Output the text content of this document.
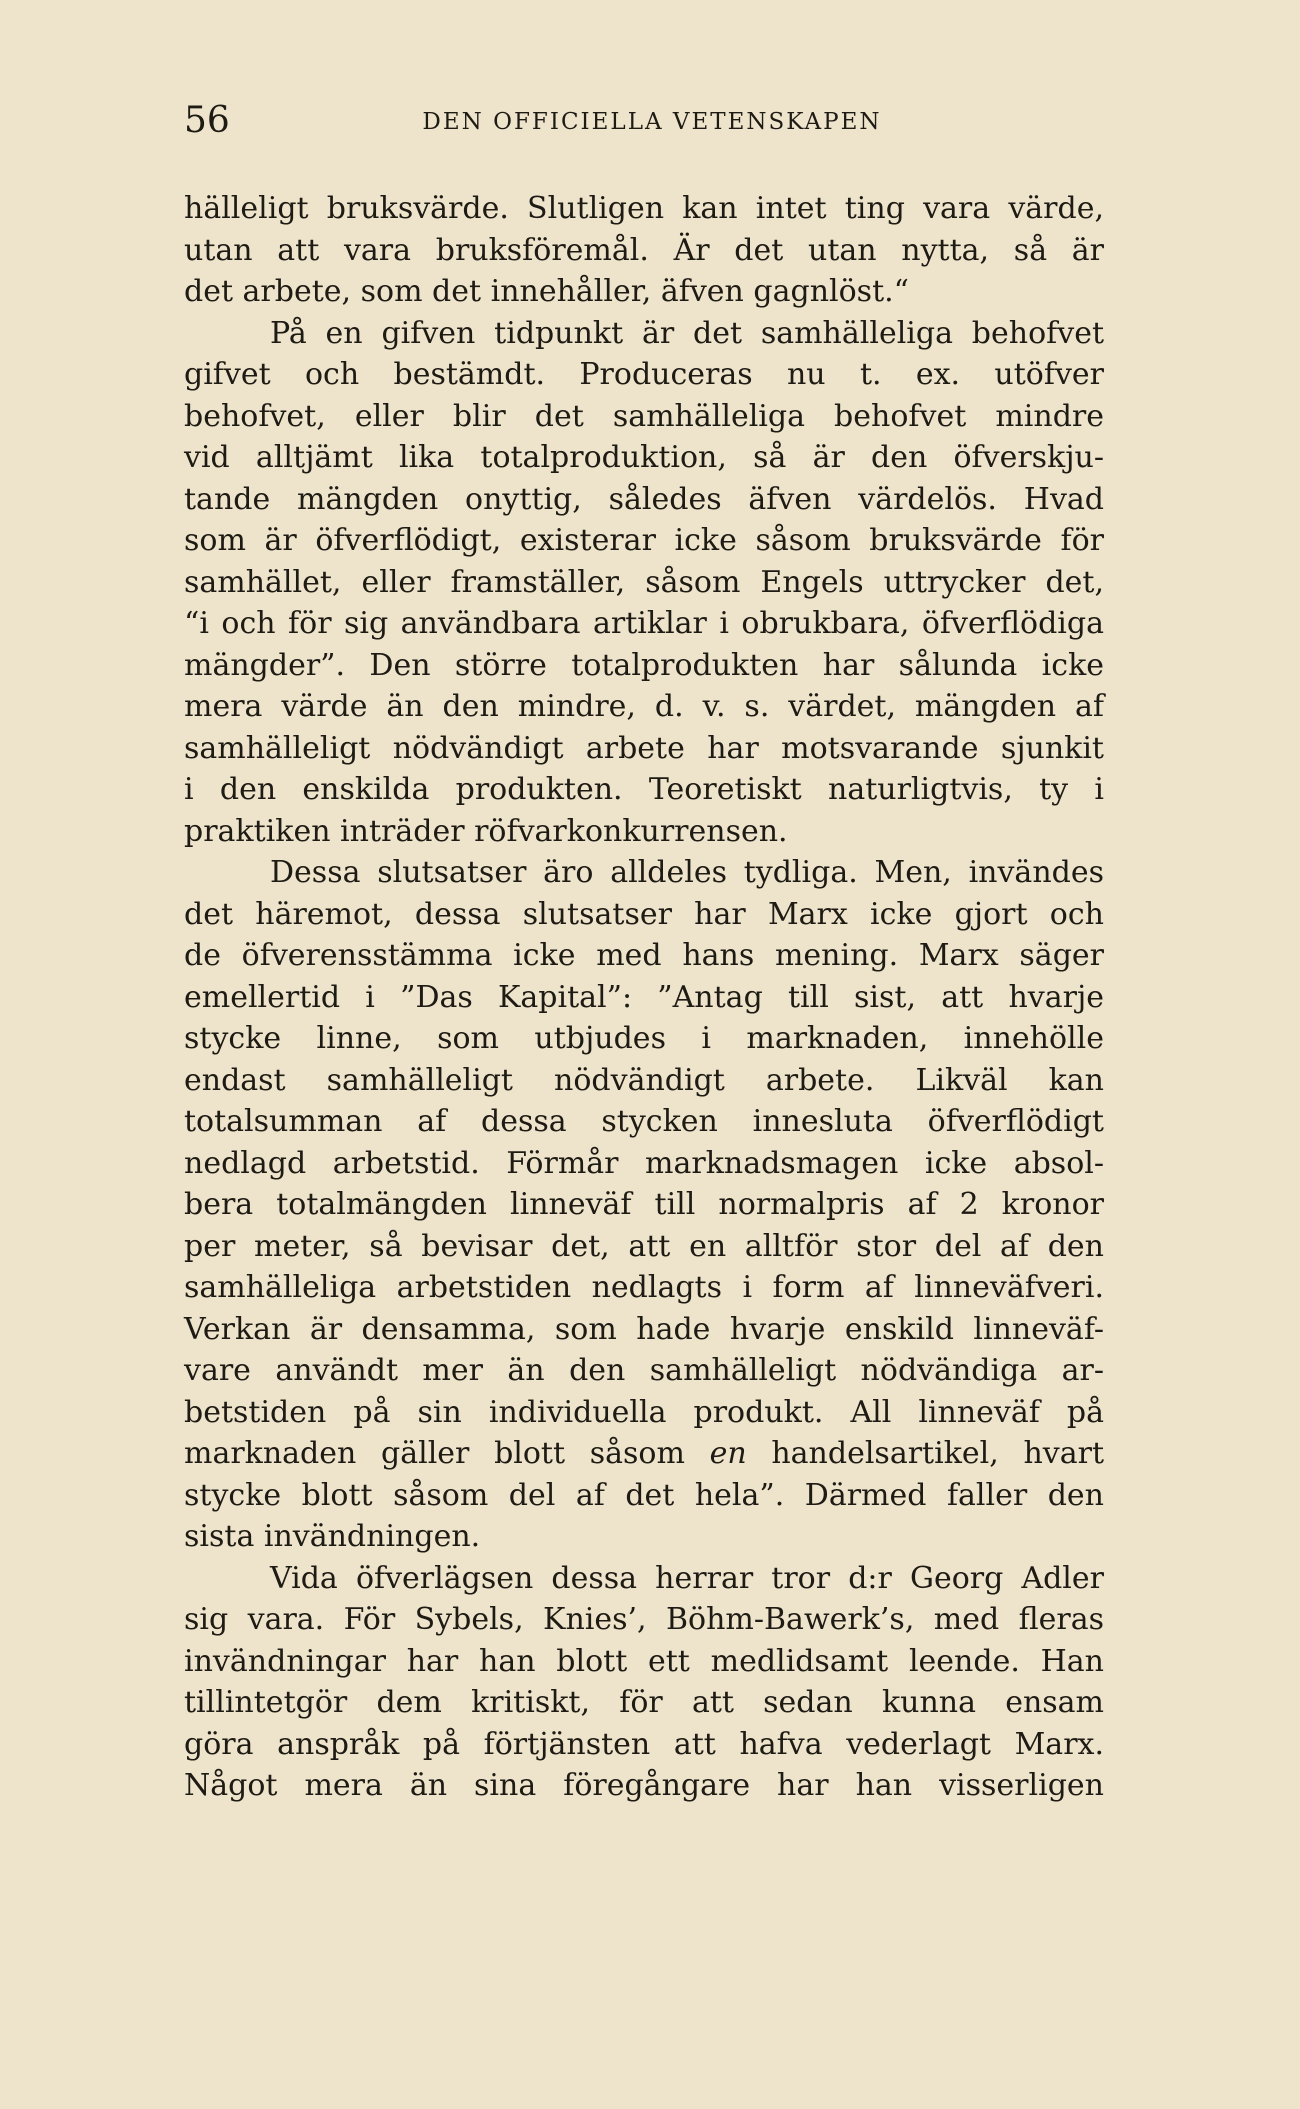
56	DEN OFFICIELLA VETENSKAPEN
hälleligt bruksvärde. Slutligen kan intet ting vara värde,
utan att vara bruksföremål. Är det utan nytta, så är
det arbete, som det innehåller, äfven gagnlöst.“
På en gifven tidpunkt är det samhälleliga behofvet
gifvet och bestämdt. Produceras nu t. ex. utöfver
behofvet, eller blir det samhälleliga behofvet mindre
vid alltjämt lika totalproduktion, så är den öfverskju-
tande mängden onyttig, således äfven värdelös. Hvad
som är öfverflödigt, existerar icke såsom bruksvärde för
samhället, eller framställer, såsom Engels uttrycker det,
“i och för sig användbara artiklar i obrukbara, öfverflödiga
mängder”. Den större totalprodukten har sålunda icke
mera värde än den mindre, d. v. s. värdet, mängden af
samhälleligt nödvändigt arbete har motsvarande sjunkit
i den enskilda produkten. Teoretiskt naturligtvis, ty i
praktiken inträder röfvarkonkurrensen.
Dessa slutsatser äro alldeles tydliga. Men, invändes
det häremot, dessa slutsatser har Marx icke gjort och
de öfverensstämma icke med hans mening. Marx säger
emellertid i ”Das Kapital”: ”Antag till sist, att hvarje
stycke linne, som utbjudes i marknaden, innehölle
endast samhälleligt nödvändigt arbete. Likväl kan
totalsumman af dessa stycken innesluta öfverflödigt
nedlagd arbetstid. Förmår marknadsmagen icke absol-
bera totalmängden linneväf till normalpris af 2 kronor
per meter, så bevisar det, att en alltför stor del af den
samhälleliga arbetstiden nedlagts i form af linneväfveri.
Verkan är densamma, som hade hvarje enskild linneväf-
vare användt mer än den samhälleligt nödvändiga ar-
betstiden på sin individuella produkt. All linneväf på
marknaden gäller blott såsom en handelsartikel, hvart
stycke blott såsom del af det hela”. Därmed faller den
sista invändningen.
Vida öfverlägsen dessa herrar tror d:r Georg Adler
sig vara. För Sybels, Knies’, Böhm-Bawerk’s, med fleras
invändningar har han blott ett medlidsamt leende. Han
tillintetgör dem kritiskt, för att sedan kunna ensam
göra anspråk på förtjänsten att hafva vederlagt Marx.
Något mera än sina föregångare har han visserligen
